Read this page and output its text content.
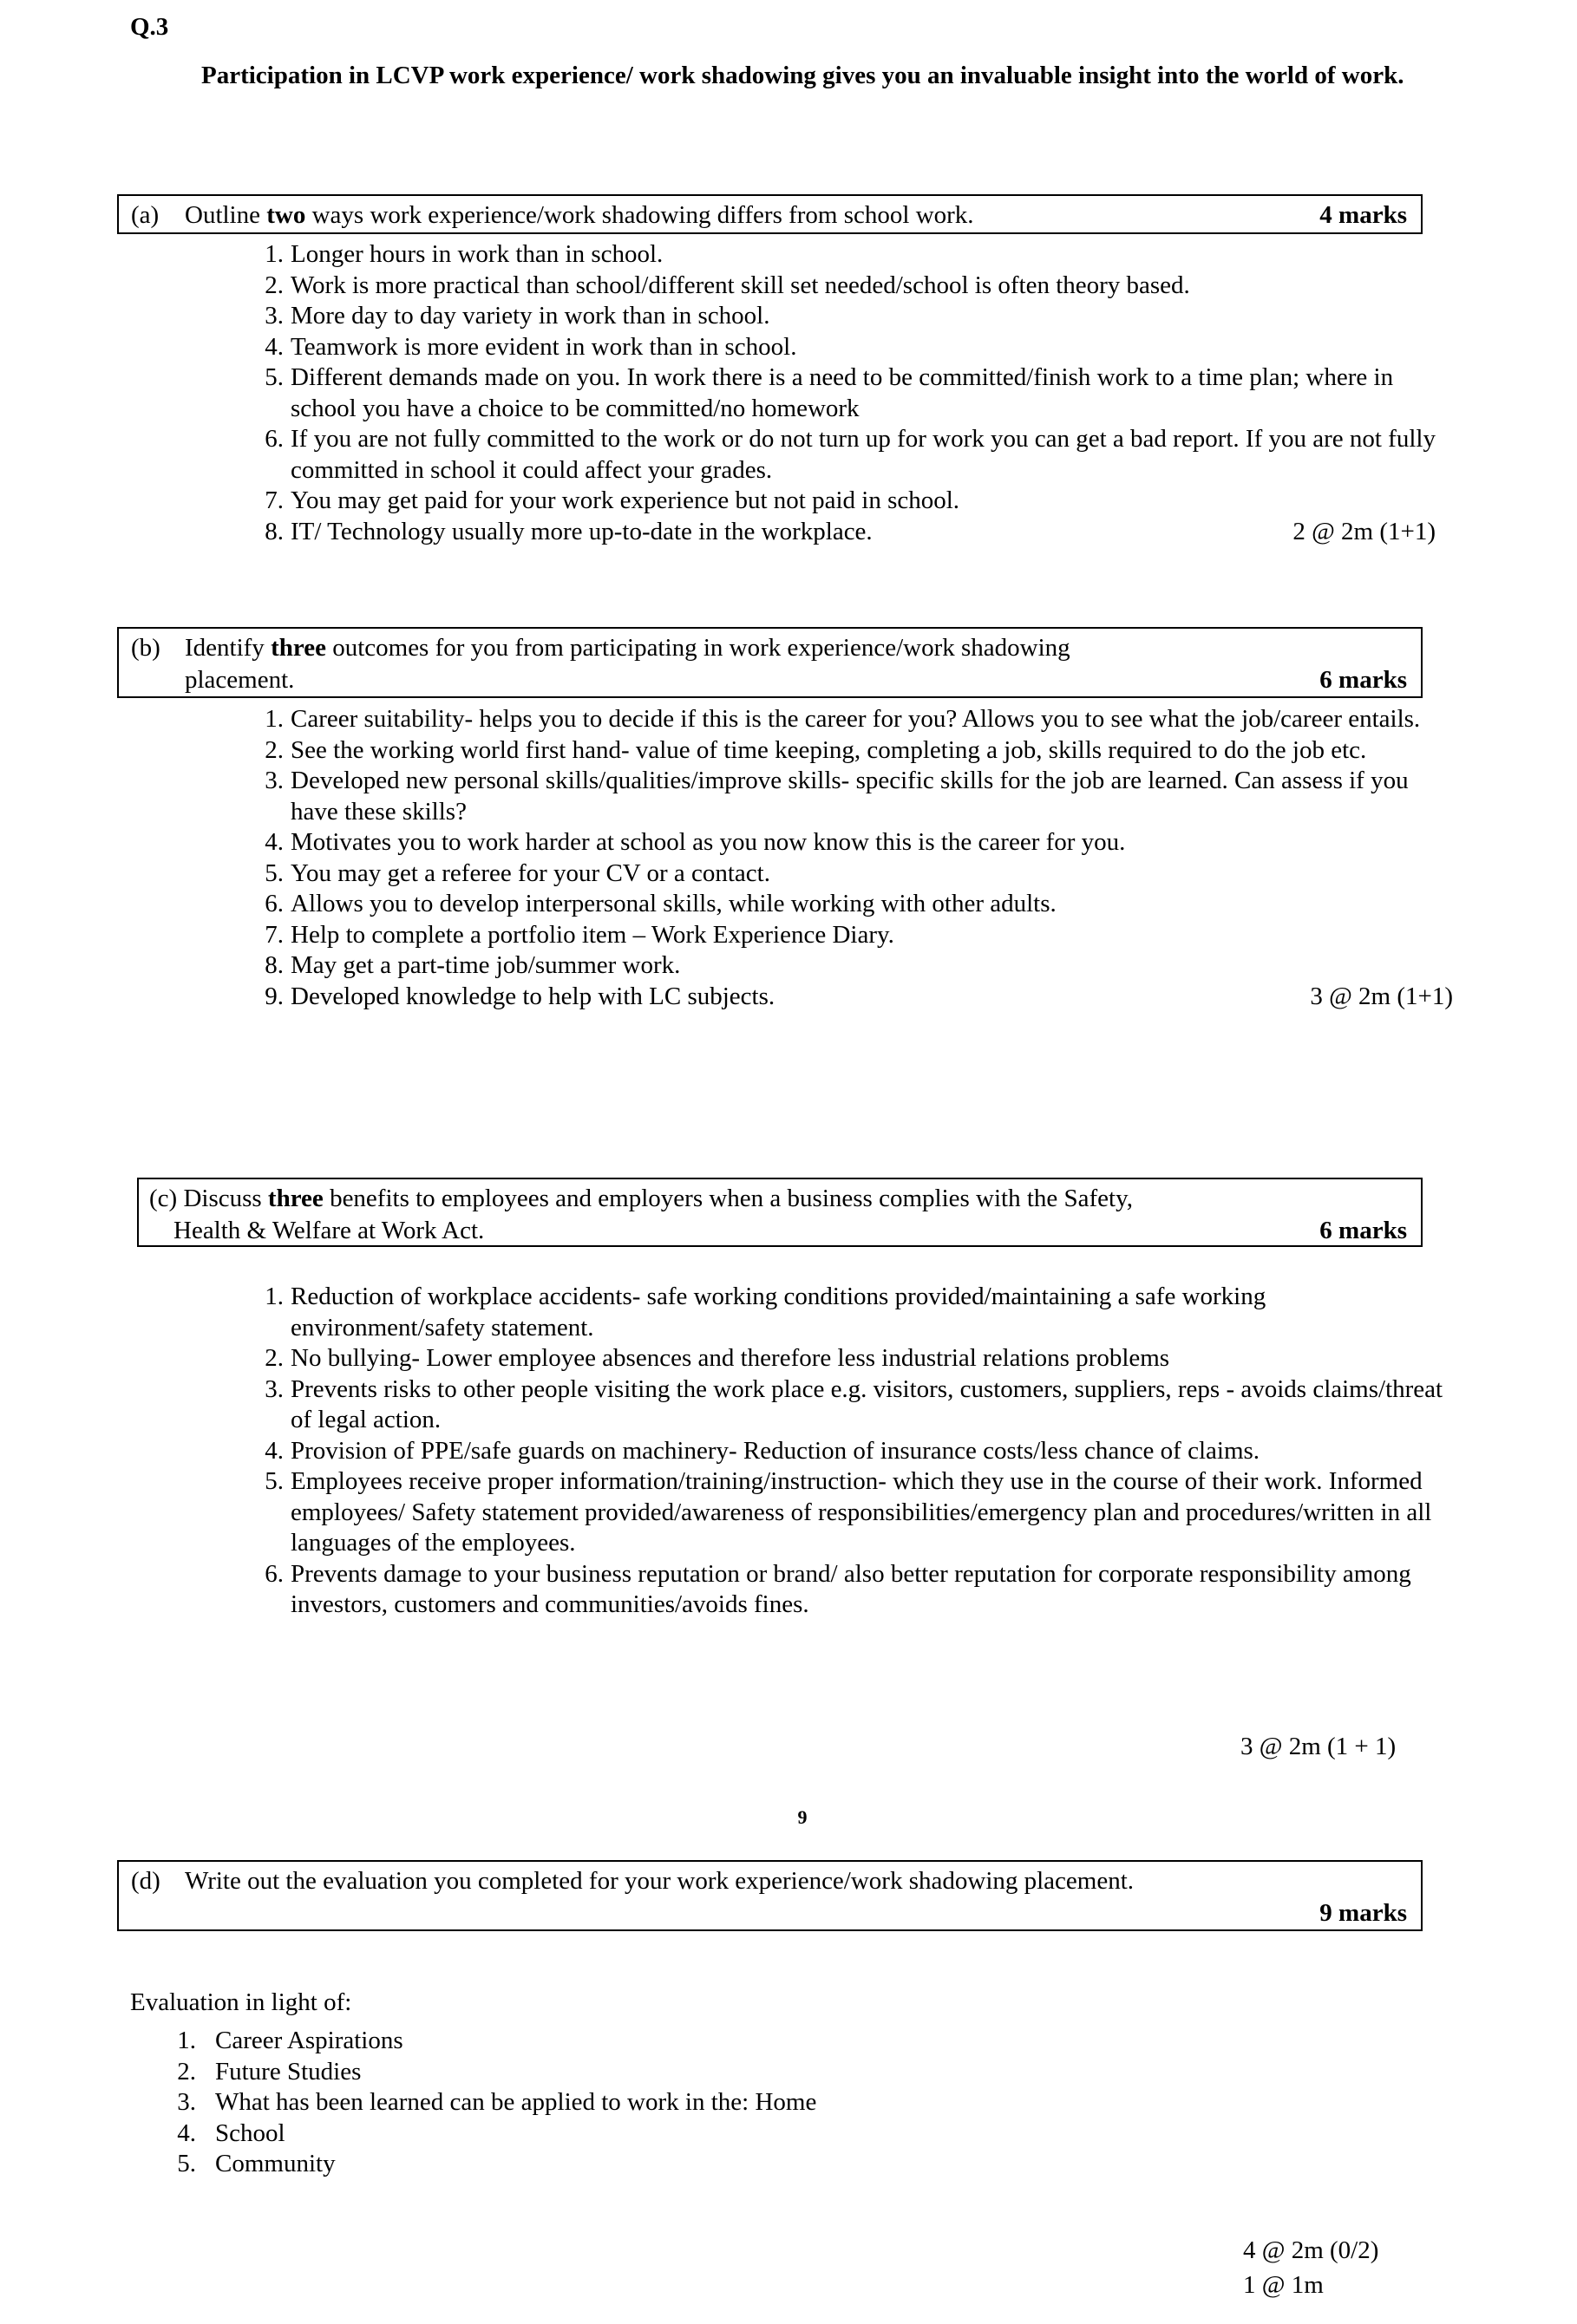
Q.3
Participation in LCVP work experience/ work shadowing gives you an invaluable insight into the world of work.
(a) Outline two ways work experience/work shadowing differs from school work.	4 marks
1. Longer hours in work than in school.
2. Work is more practical than school/different skill set needed/school is often theory based.
3. More day to day variety in work than in school.
4. Teamwork is more evident in work than in school.
5. Different demands made on you. In work there is a need to be committed/finish work to a time plan; where in school you have a choice to be committed/no homework
6. If you are not fully committed to the work or do not turn up for work you can get a bad report. If you are not fully committed in school it could affect your grades.
7. You may get paid for your work experience but not paid in school.
8.	2 @ 2m (1+1)
IT/ Technology usually more up-to-date in the workplace.
(b) Identify three outcomes for you from participating in work experience/work shadowing
placement.	6 marks
1. Career suitability- helps you to decide if this is the career for you? Allows you to see what the job/career entails.
2. See the working world first hand- value of time keeping, completing a job, skills required to do the job etc.
3. Developed new personal skills/qualities/improve skills- specific skills for the job are learned. Can assess if you have these skills?
4. Motivates you to work harder at school as you now know this is the career for you.
5. You may get a referee for your CV or a contact.
6. Allows you to develop interpersonal skills, while working with other adults.
7. Help to complete a portfolio item – Work Experience Diary.
8. May get a part-time job/summer work.
9.	3 @ 2m (1+1)
Developed knowledge to help with LC subjects.
(c) Discuss three benefits to employees and employers when a business complies with the Safety,
Health & Welfare at Work Act.	6 marks
1. Reduction of workplace accidents- safe working conditions provided/maintaining a safe working environment/safety statement.
2. No bullying- Lower employee absences and therefore less industrial relations problems
3. Prevents risks to other people visiting the work place e.g. visitors, customers, suppliers, reps - avoids claims/threat of legal action.
4. Provision of PPE/safe guards on machinery- Reduction of insurance costs/less chance of claims.
5. Employees receive proper information/training/instruction- which they use in the course of their work. Informed employees/ Safety statement provided/awareness of responsibilities/emergency plan and procedures/written in all languages of the employees.
6. Prevents damage to your business reputation or brand/ also better reputation for corporate responsibility among investors, customers and communities/avoids fines.
3 @ 2m (1 + 1)
9
(d) Write out the evaluation you completed for your work experience/work shadowing placement.
9 marks

Evaluation in light of:
1. Career Aspirations
2. Future Studies
3. What has been learned can be applied to work in the: Home
4. School
5. Community
4 @ 2m (0/2)
1 @ 1m
